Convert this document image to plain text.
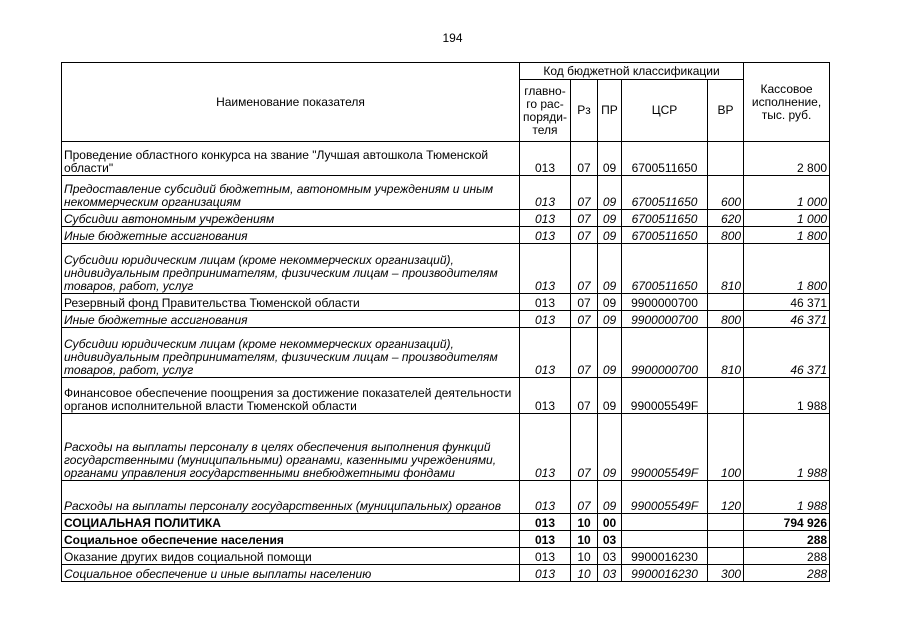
194
Наименование показателя	Код бюджетной классификации					Кассовое исполнение, тыс. руб.
	главно-го рас-поряди-теля	Рз	ПР	ЦСР	ВР	
Проведение областного конкурса на звание "Лучшая автошкола Тюменской области"	013	07	09	6700511650		2 800
Предоставление субсидий бюджетным, автономным учреждениям и иным некоммерческим организациям	013	07	09	6700511650	600	1 000
Субсидии автономным учреждениям	013	07	09	6700511650	620	1 000
Иные бюджетные ассигнования	013	07	09	6700511650	800	1 800
Субсидии юридическим лицам (кроме некоммерческих организаций), индивидуальным предпринимателям, физическим лицам – производителям товаров, работ, услуг	013	07	09	6700511650	810	1 800
Резервный фонд Правительства Тюменской области	013	07	09	9900000700		46 371
Иные бюджетные ассигнования	013	07	09	9900000700	800	46 371
Субсидии юридическим лицам (кроме некоммерческих организаций), индивидуальным предпринимателям, физическим лицам – производителям товаров, работ, услуг	013	07	09	9900000700	810	46 371
Финансовое обеспечение поощрения за достижение показателей деятельности органов исполнительной власти Тюменской области	013	07	09	990005549F		1 988
Расходы на выплаты персоналу в целях обеспечения выполнения функций государственными (муниципальными) органами, казенными учреждениями, органами управления государственными внебюджетными фондами	013	07	09	990005549F	100	1 988
Расходы на выплаты персоналу государственных (муниципальных) органов	013	07	09	990005549F	120	1 988
СОЦИАЛЬНАЯ ПОЛИТИКА	013	10	00			794 926
Социальное обеспечение населения	013	10	03			288
Оказание других видов социальной помощи	013	10	03	9900016230		288
Социальное обеспечение и иные выплаты населению	013	10	03	9900016230	300	288
